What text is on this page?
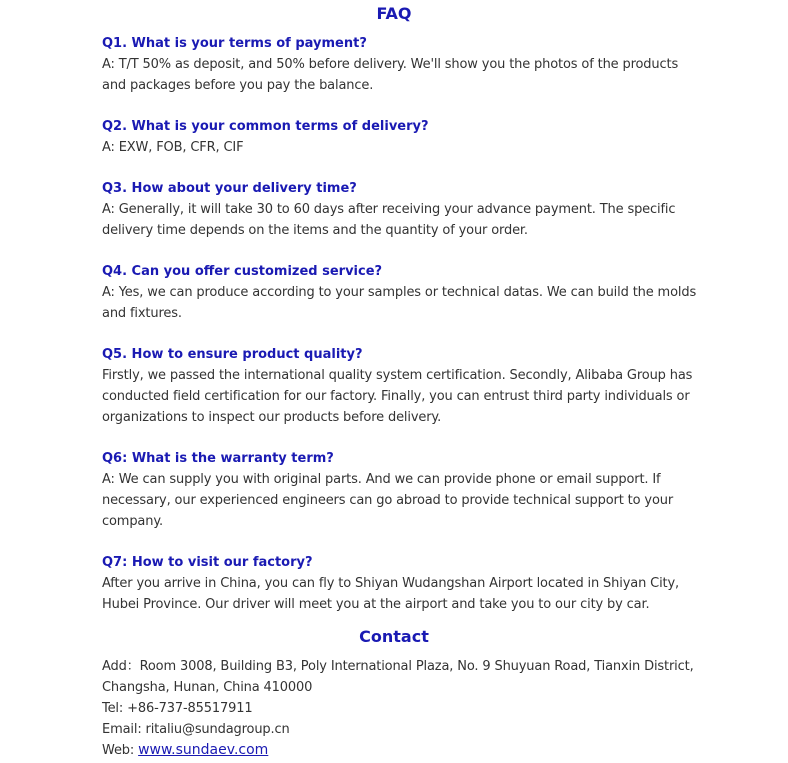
FAQ

Q1. What is your terms of payment?

A: T/T 50% as deposit, and 50% before delivery. We'll show you the photos of the products and packages before you pay the balance.

Q2. What is your common terms of delivery?

A: EXW, FOB, CFR, CIF

Q3. How about your delivery time?

A: Generally, it will take 30 to 60 days after receiving your advance payment. The specific delivery time depends on the items and the quantity of your order.

Q4. Can you offer customized service?

A: Yes, we can produce according to your samples or technical datas. We can build the molds and fixtures.

Q5. How to ensure product quality?

Firstly, we passed the international quality system certification. Secondly, Alibaba Group has conducted field certification for our factory. Finally, you can entrust third party individuals or organizations to inspect our products before delivery.

Q6: What is the warranty term?

A: We can supply you with original parts. And we can provide phone or email support. If necessary, our experienced engineers can go abroad to provide technical support to your company.

Q7: How to visit our factory?

After you arrive in China, you can fly to Shiyan Wudangshan Airport located in Shiyan City, Hubei Province. Our driver will meet you at the airport and take you to our city by car.

Contact

Add：Room 3008, Building B3, Poly International Plaza, No. 9 Shuyuan Road, Tianxin District, Changsha, Hunan, China 410000

Tel: +86-737-85517911

Email: ritaliu@sundagroup.cn

Web: www.sundaev.com
